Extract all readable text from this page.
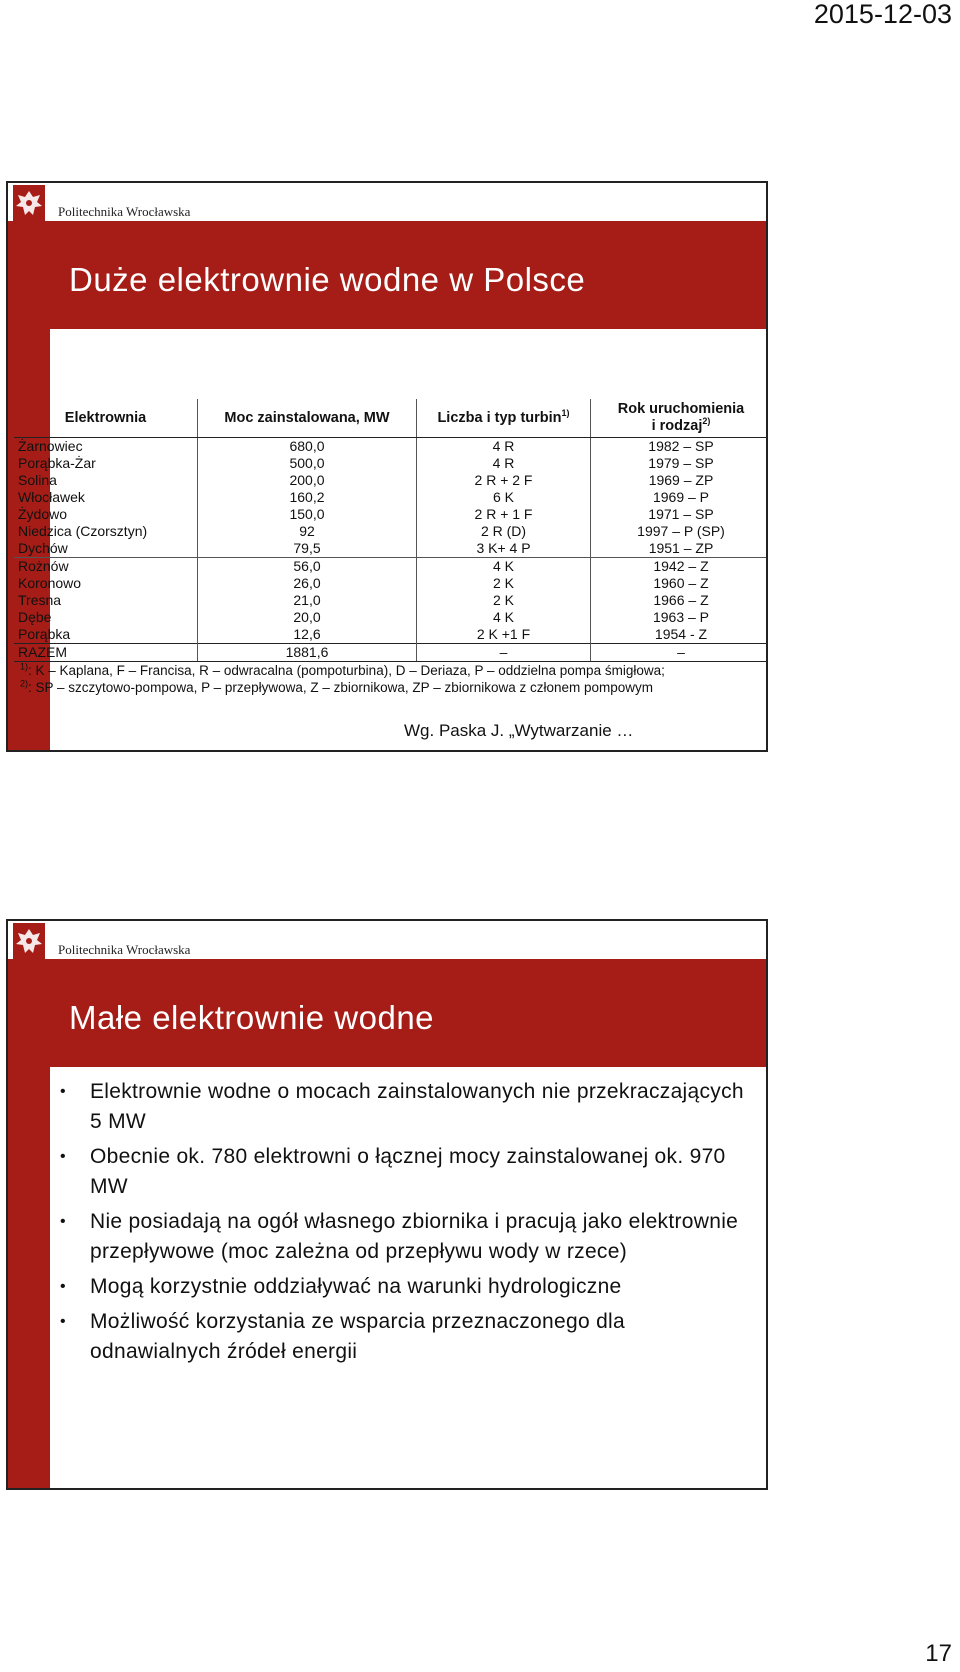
2015-12-03
Politechnika Wrocławska
Duże elektrownie wodne w Polsce
Elektrownia	Moc zainstalowana, MW	Liczba i typ turbin$^{1)}$	Rok uruchomienia
i rodzaj$^{2)}$
Żarnowiec	680,0	4 R	1982 – SP
Porąbka-Żar	500,0	4 R	1979 – SP
Solina	200,0	2 R + 2 F	1969 – ZP
Włocławek	160,2	6 K	1969 – P
Żydowo	150,0	2 R + 1 F	1971 – SP
Niedzica (Czorsztyn)	92	2 R (D)	1997 – P (SP)
Dychów	79,5	3 K+ 4 P	1951 – ZP
Rożnów	56,0	4 K	1942 – Z
Koronowo	26,0	2 K	1960 – Z
Tresna	21,0	2 K	1966 – Z
Dębe	20,0	4 K	1963 – P
Porąbka	12,6	2 K +1 F	1954 - Z
RAZEM	1881,6	–	–
$^{1)}$: K – Kaplana, F – Francisa, R – odwracalna (pompoturbina), D – Deriaza, P – oddzielna pompa śmigłowa;
$^{2)}$: SP – szczytowo-pompowa, P – przepływowa, Z – zbiornikowa, ZP – zbiornikowa z członem pompowym
Wg. Paska J. „Wytwarzanie …
Politechnika Wrocławska
Małe elektrownie wodne
• Elektrownie wodne o mocach zainstalowanych nie przekraczających 5 MW
• Obecnie ok. 780 elektrowni o łącznej mocy zainstalowanej ok. 970 MW
• Nie posiadają na ogół własnego zbiornika i pracują jako elektrownie przepływowe (moc zależna od przepływu wody w rzece)
• Mogą korzystnie oddziaływać na warunki hydrologiczne
• Możliwość korzystania ze wsparcia przeznaczonego dla odnawialnych źródeł energii
17
